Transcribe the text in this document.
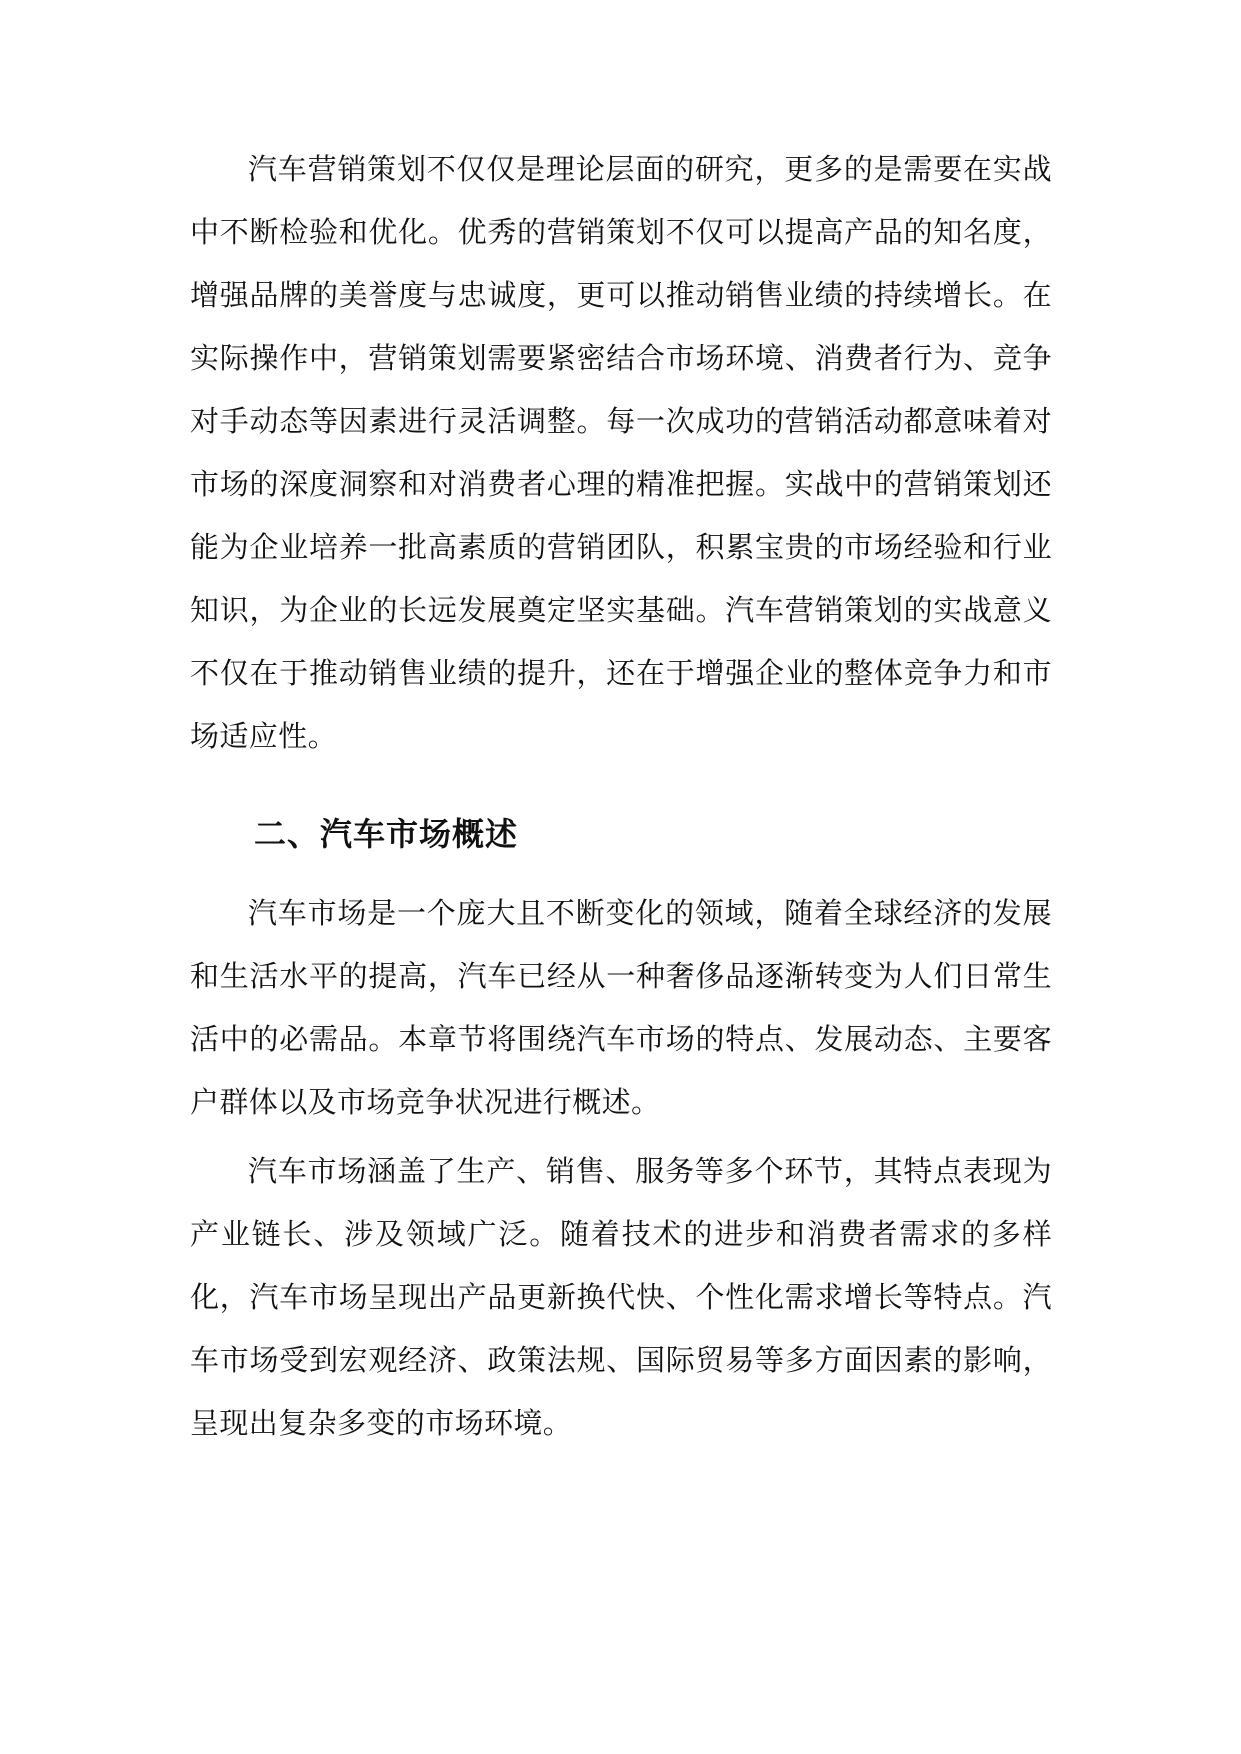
汽车营销策划不仅仅是理论层面的研究，更多的是需要在实战中不断检验和优化。优秀的营销策划不仅可以提高产品的知名度，增强品牌的美誉度与忠诚度，更可以推动销售业绩的持续增长。在实际操作中，营销策划需要紧密结合市场环境、消费者行为、竞争对手动态等因素进行灵活调整。每一次成功的营销活动都意味着对市场的深度洞察和对消费者心理的精准把握。实战中的营销策划还能为企业培养一批高素质的营销团队，积累宝贵的市场经验和行业知识，为企业的长远发展奠定坚实基础。汽车营销策划的实战意义不仅在于推动销售业绩的提升，还在于增强企业的整体竞争力和市场适应性。

二、汽车市场概述

汽车市场是一个庞大且不断变化的领域，随着全球经济的发展和生活水平的提高，汽车已经从一种奢侈品逐渐转变为人们日常生活中的必需品。本章节将围绕汽车市场的特点、发展动态、主要客户群体以及市场竞争状况进行概述。

汽车市场涵盖了生产、销售、服务等多个环节，其特点表现为产业链长、涉及领域广泛。随着技术的进步和消费者需求的多样化，汽车市场呈现出产品更新换代快、个性化需求增长等特点。汽车市场受到宏观经济、政策法规、国际贸易等多方面因素的影响，呈现出复杂多变的市场环境。
